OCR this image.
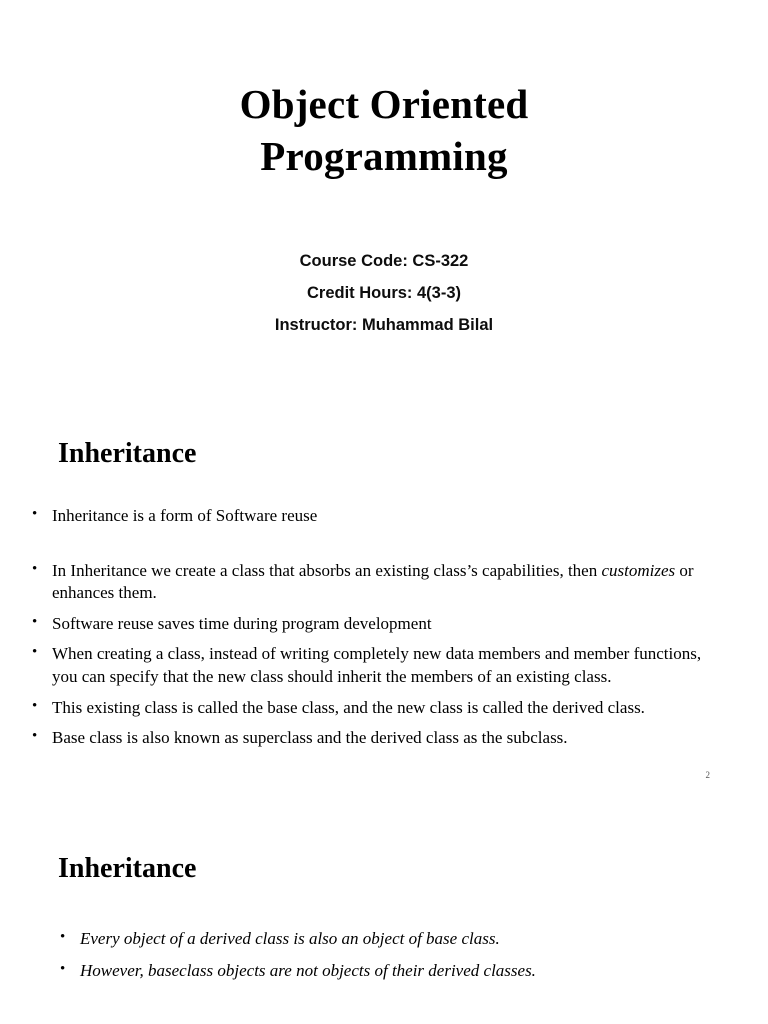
Object Oriented
Programming
Course Code: CS-322
Credit Hours: 4(3-3)
Instructor: Muhammad Bilal
Inheritance
• Inheritance is a form of Software reuse
• In Inheritance we create a class that absorbs an existing class’s capabilities, then customizes or enhances them.
• Software reuse saves time during program development
• When creating a class, instead of writing completely new data members and member functions, you can specify that the new class should inherit the members of an existing class.
• This existing class is called the base class, and the new class is called the derived class.
• Base class is also known as superclass and the derived class as the subclass.
2
Inheritance
• Every object of a derived class is also an object of base class.
• However, baseclass objects are not objects of their derived classes.
